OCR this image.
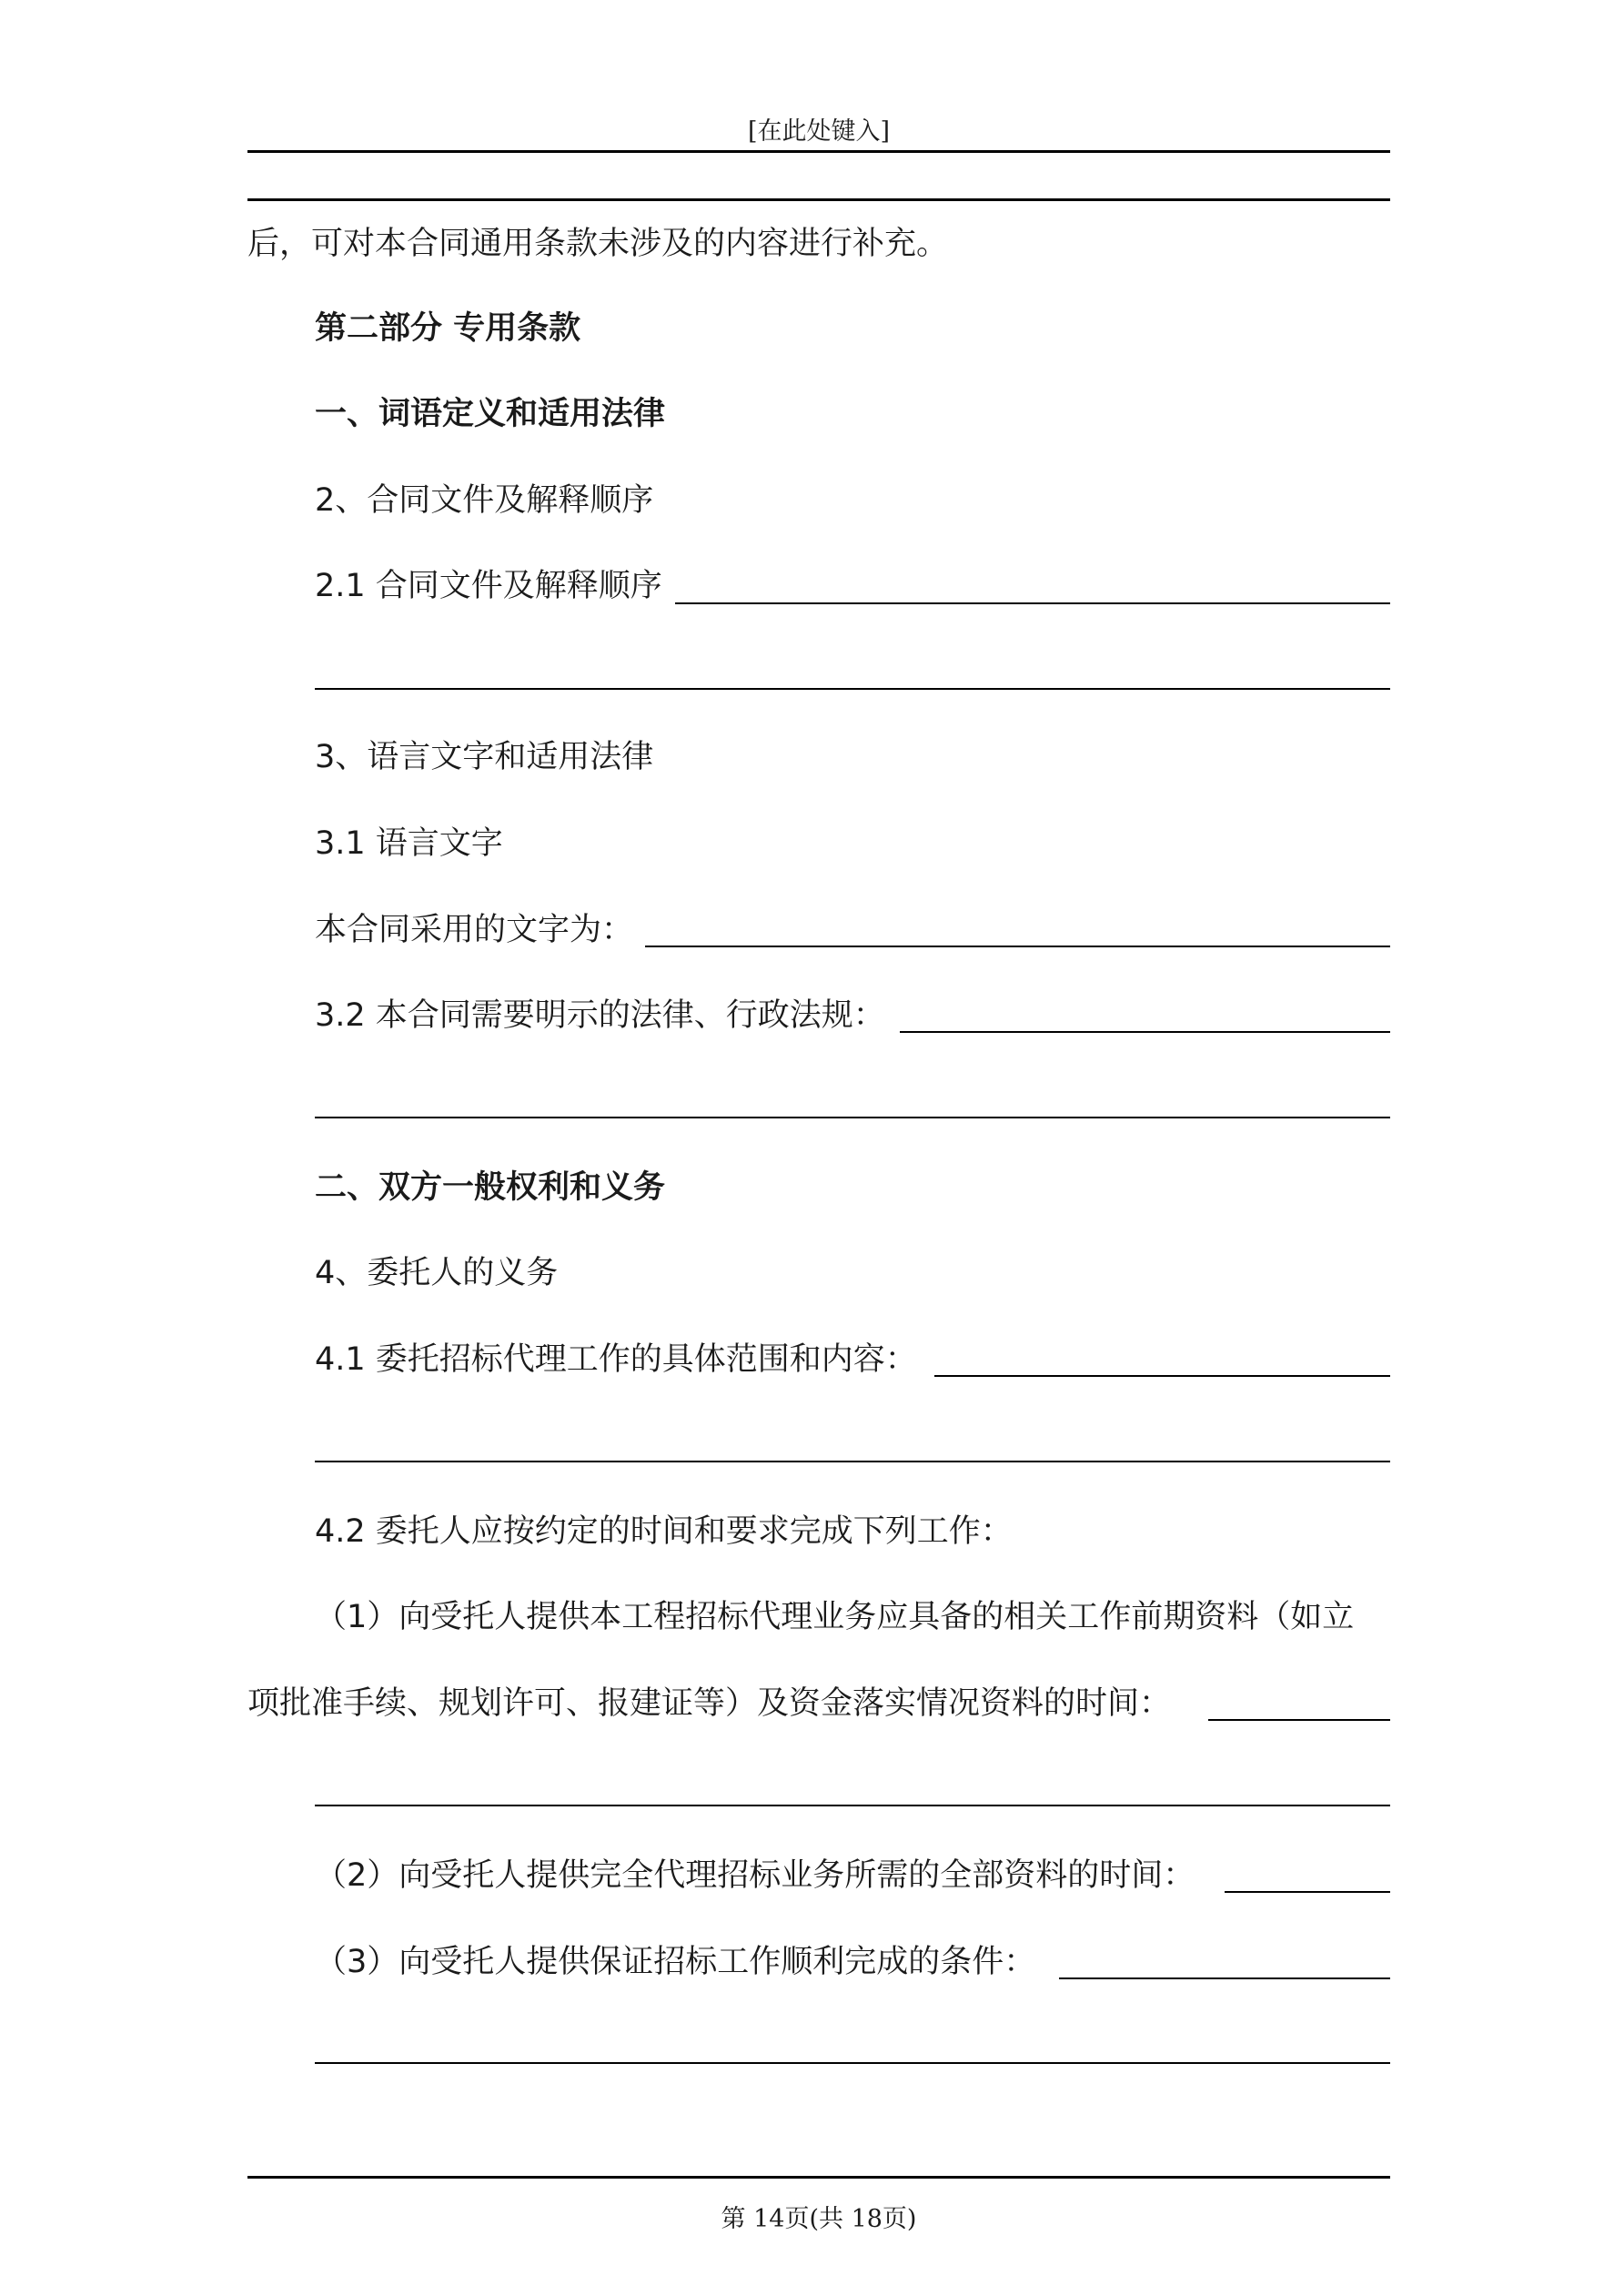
[在此处键入]
后，可对本合同通用条款未涉及的内容进行补充。
第二部分 专用条款
一、词语定义和适用法律
2、合同文件及解释顺序
2.1 合同文件及解释顺序
3、语言文字和适用法律
3.1 语言文字
本合同采用的文字为：
3.2 本合同需要明示的法律、行政法规：
二、双方一般权利和义务
4、委托人的义务
4.1 委托招标代理工作的具体范围和内容：
4.2 委托人应按约定的时间和要求完成下列工作：
（1）向受托人提供本工程招标代理业务应具备的相关工作前期资料（如立
项批准手续、规划许可、报建证等）及资金落实情况资料的时间：
（2）向受托人提供完全代理招标业务所需的全部资料的时间：
（3）向受托人提供保证招标工作顺利完成的条件：
第 14页(共 18页)
